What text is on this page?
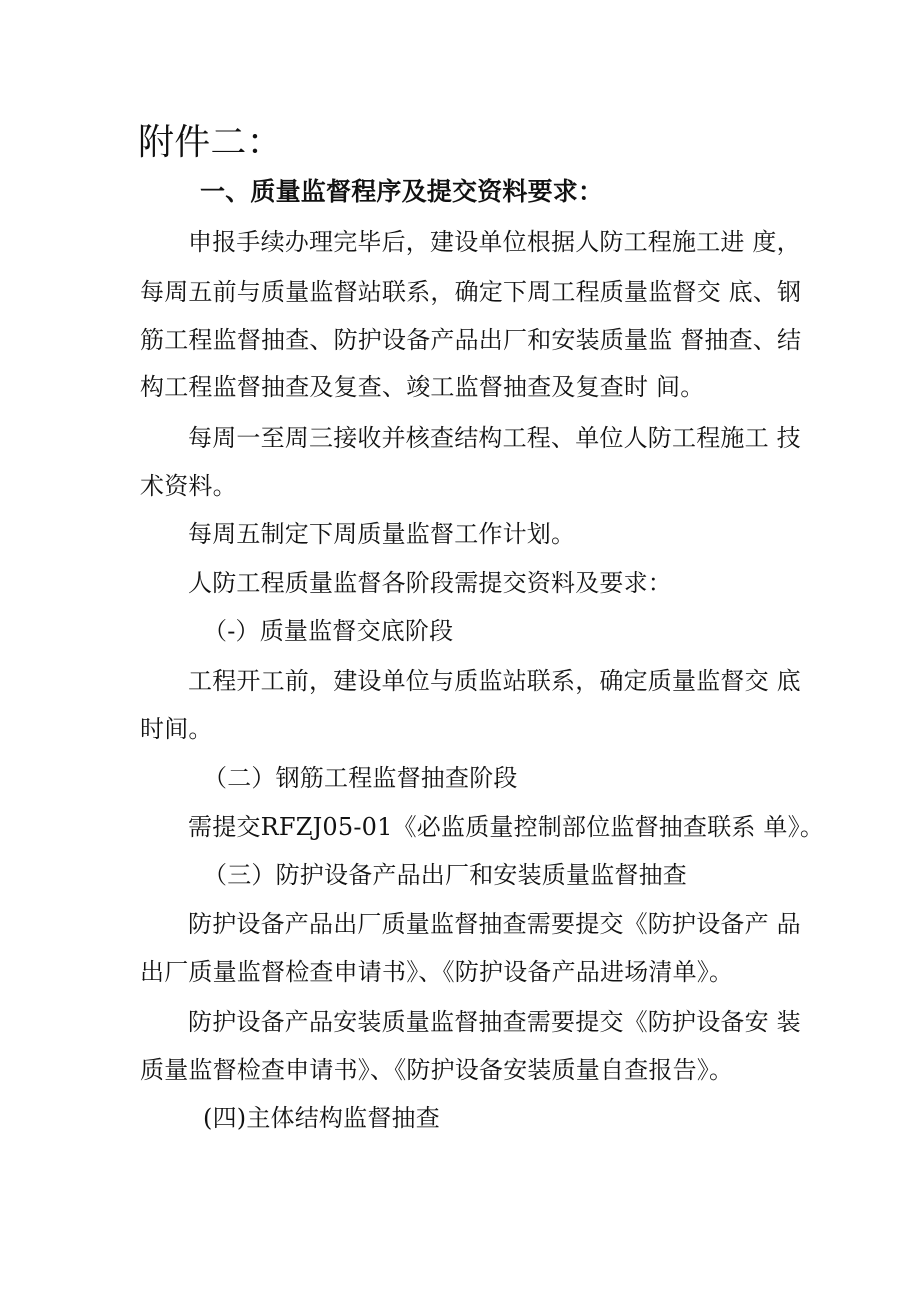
附件二：
一、质量监督程序及提交资料要求：
申报手续办理完毕后，建设单位根据人防工程施工进 度，
每周五前与质量监督站联系，确定下周工程质量监督交 底、钢
筋工程监督抽查、防护设备产品出厂和安装质量监 督抽查、结
构工程监督抽查及复查、竣工监督抽查及复查时 间。
每周一至周三接收并核查结构工程、单位人防工程施工 技
术资料。
每周五制定下周质量监督工作计划。
人防工程质量监督各阶段需提交资料及要求：
（-）质量监督交底阶段
工程开工前，建设单位与质监站联系，确定质量监督交 底
时间。
（二）钢筋工程监督抽查阶段
需提交RFZJ05-01《必监质量控制部位监督抽查联系 单》。
（三）防护设备产品出厂和安装质量监督抽查
防护设备产品出厂质量监督抽查需要提交《防护设备产 品
出厂质量监督检查申请书》、《防护设备产品进场清单》。
防护设备产品安装质量监督抽查需要提交《防护设备安 装
质量监督检查申请书》、《防护设备安装质量自查报告》。
(四)主体结构监督抽查
